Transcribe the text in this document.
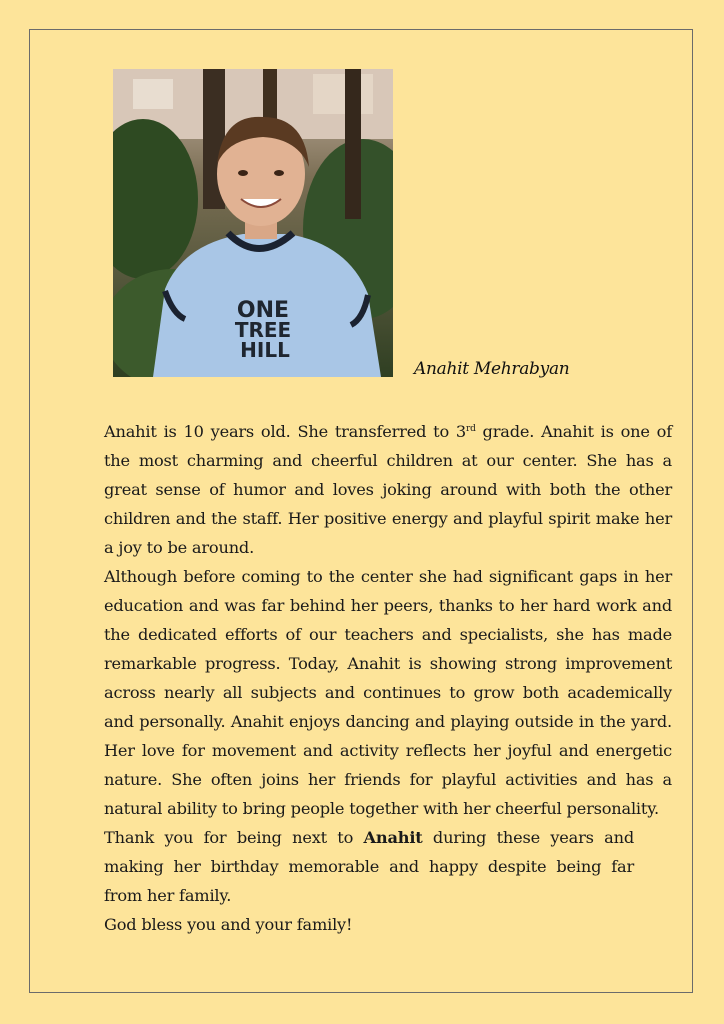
ONE
TREE
HILL
Anahit Mehrabyan

Anahit is 10 years old. She transferred to 3rd grade. Anahit is one of the most charming and cheerful children at our center. She has a great sense of humor and loves joking around with both the other children and the staff. Her positive energy and playful spirit make her a joy to be around.

Although before coming to the center she had significant gaps in her education and was far behind her peers, thanks to her hard work and the dedicated efforts of our teachers and specialists, she has made remarkable progress. Today, Anahit is showing strong improvement across nearly all subjects and continues to grow both academically and personally. Anahit enjoys dancing and playing outside in the yard. Her love for movement and activity reflects her joyful and energetic nature. She often joins her friends for playful activities and has a natural ability to bring people together with her cheerful personality.

Thank you for being next to Anahit during these years and making her birthday memorable and happy despite being far from her family.

God bless you and your family!
